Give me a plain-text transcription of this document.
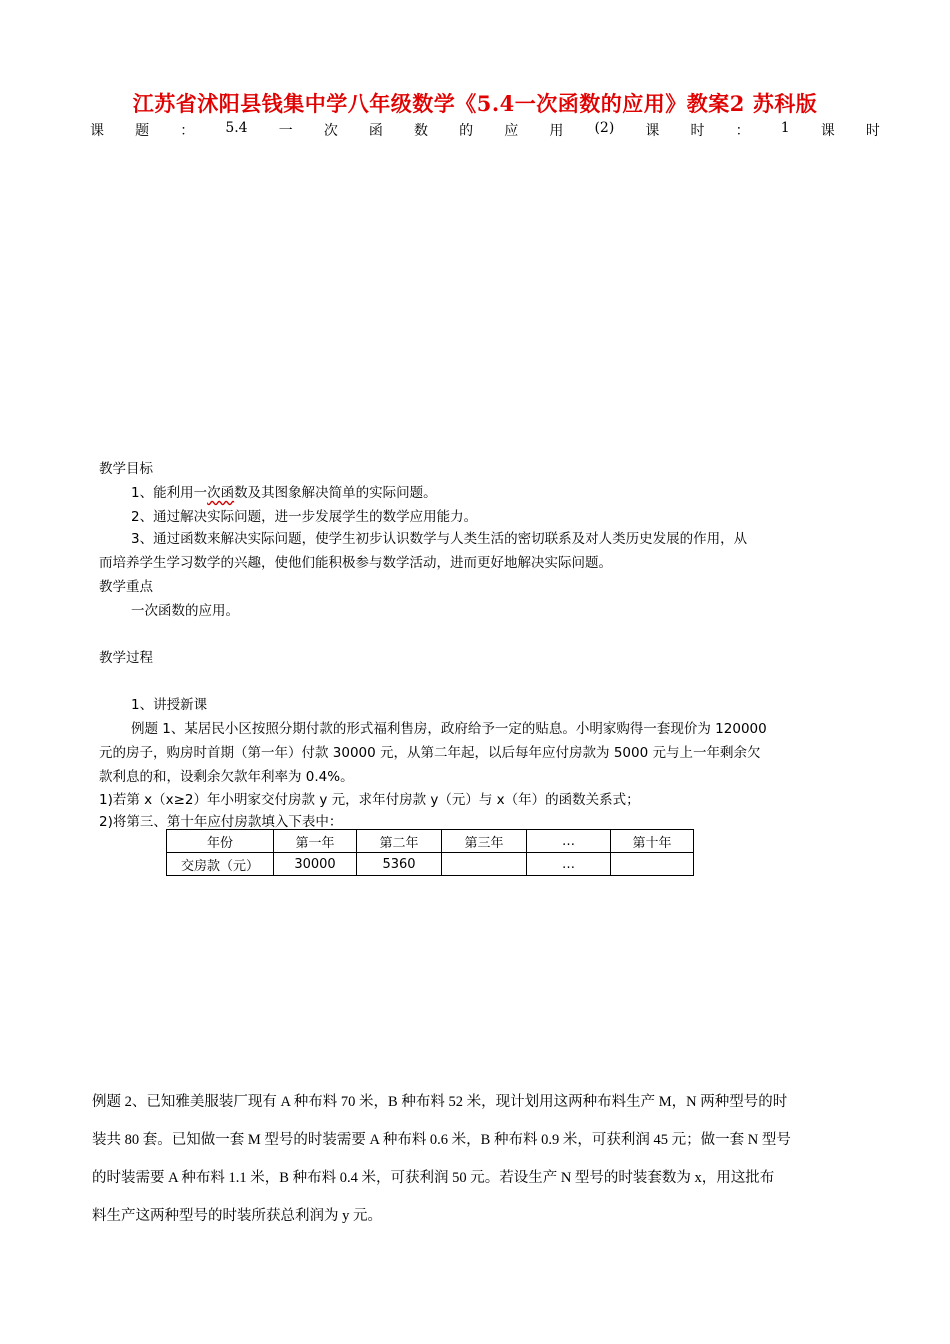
江苏省沭阳县钱集中学八年级数学《5.4一次函数的应用》教案2 苏科版
课 题 ： 5.4 一 次 函 数 的 应 用 (2) 课 时 ： 1 课 时
教学目标
1、能利用一次函数及其图象解决简单的实际问题。
2、通过解决实际问题，进一步发展学生的数学应用能力。
3、通过函数来解决实际问题，使学生初步认识数学与人类生活的密切联系及对人类历史发展的作用，从
而培养学生学习数学的兴趣，使他们能积极参与数学活动，进而更好地解决实际问题。
教学重点
一次函数的应用。
教学过程
1、讲授新课
例题 1、某居民小区按照分期付款的形式福利售房，政府给予一定的贴息。小明家购得一套现价为 120000
元的房子，购房时首期（第一年）付款 30000 元，从第二年起，以后每年应付房款为 5000 元与上一年剩余欠
款利息的和，设剩余欠款年利率为 0.4%。
1)若第 x（x≥2）年小明家交付房款 y 元，求年付房款 y（元）与 x（年）的函数关系式；
2)将第三、第十年应付房款填入下表中：
年份	第一年	第二年	第三年	…	第十年
交房款（元）	30000	5360		…	
例题 2、已知雅美服装厂现有 A 种布料 70 米，B 种布料 52 米，现计划用这两种布料生产 M，N 两种型号的时
装共 80 套。已知做一套 M 型号的时装需要 A 种布料 0.6 米，B 种布料 0.9 米，可获利润 45 元；做一套 N 型号
的时装需要 A 种布料 1.1 米，B 种布料 0.4 米，可获利润 50 元。若设生产 N 型号的时装套数为 x，用这批布
料生产这两种型号的时装所获总利润为 y 元。
